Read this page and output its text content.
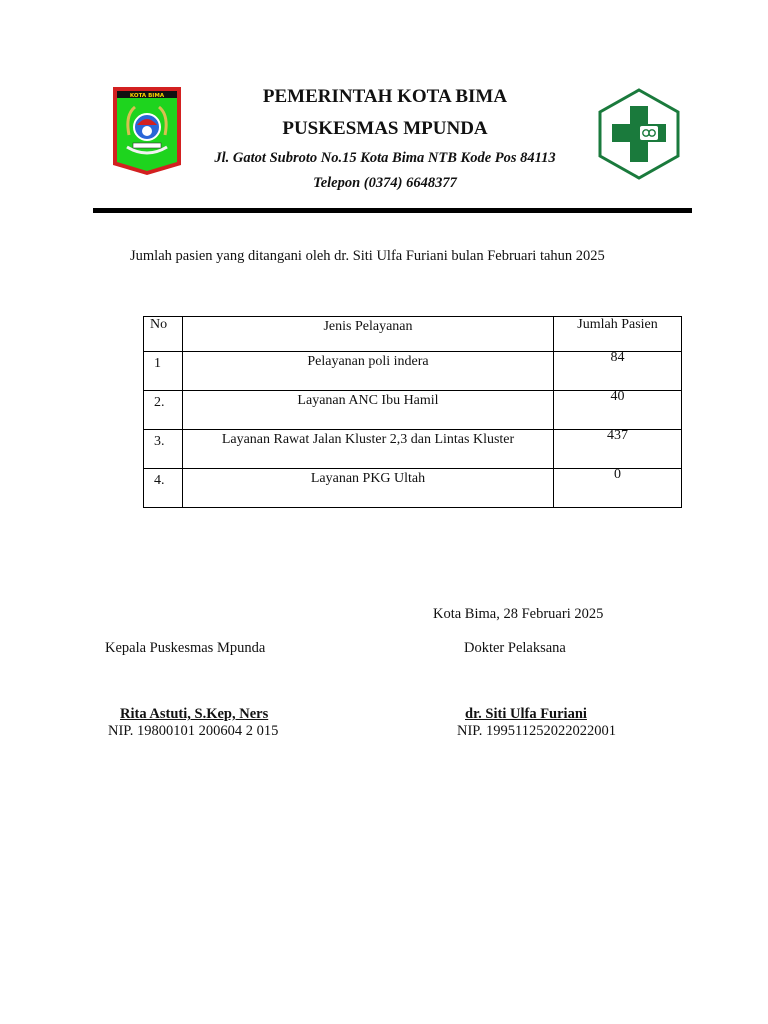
KOTA BIMA	PEMERINTAH KOTA BIMA
PUSKESMAS MPUNDA
Jl. Gatot Subroto No.15 Kota Bima NTB Kode Pos 84113
Telepon (0374) 6648377
Jumlah pasien yang ditangani oleh dr. Siti Ulfa Furiani bulan Februari tahun 2025
No	Jenis Pelayanan	Jumlah Pasien
1	Pelayanan poli indera	84
2.	Layanan ANC Ibu Hamil	40
3.	Layanan Rawat Jalan Kluster 2,3 dan Lintas Kluster	437
4.	Layanan PKG Ultah	0
Kota Bima, 28 Februari 2025
Kepala Puskesmas Mpunda	Dokter Pelaksana
Rita Astuti, S.Kep, Ners
NIP. 19800101 200604 2 015
dr. Siti Ulfa Furiani
NIP. 199511252022022001
